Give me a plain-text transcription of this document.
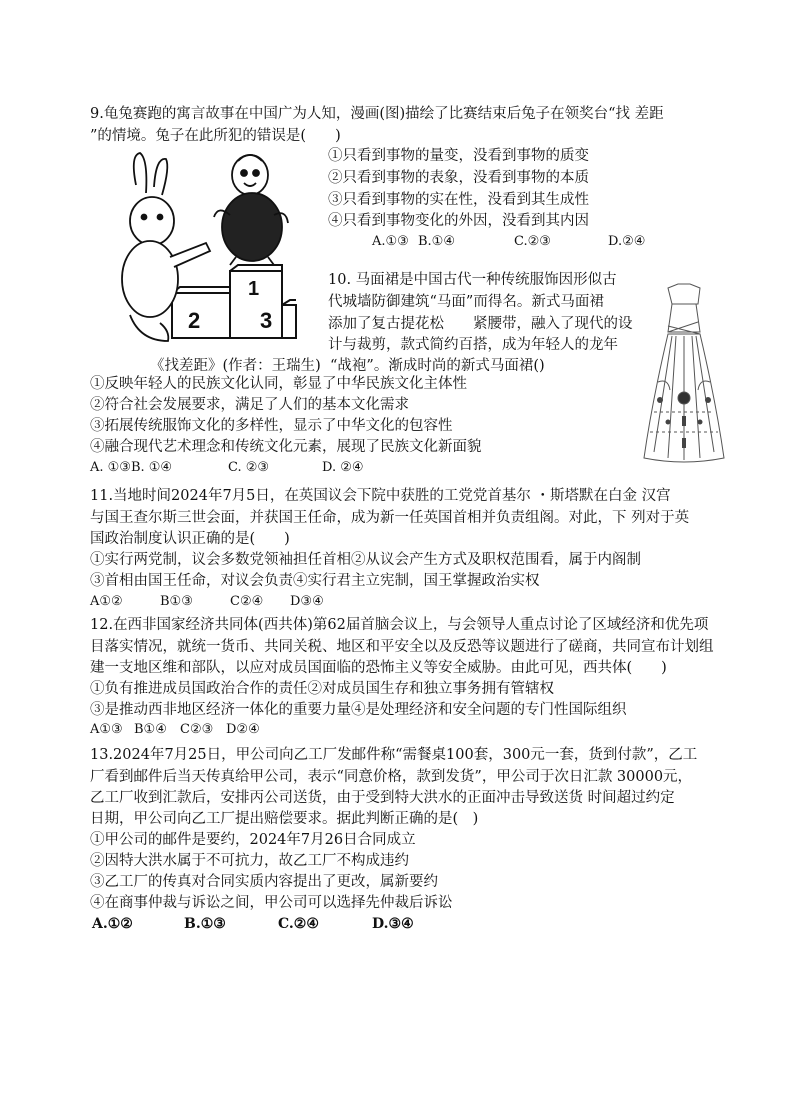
9.龟兔赛跑的寓言故事在中国广为人知，漫画(图)描绘了比赛结束后兔子在领奖台“找 差距
”的情境。兔子在此所犯的错误是(　　)
1
2	3
①只看到事物的量变，没看到事物的质变
②只看到事物的表象，没看到事物的本质
③只看到事物的实在性，没看到其生成性
④只看到事物变化的外因，没看到其内因
A.①③ B.①④	C.②③	D.②④
10. 马面裙是中国古代一种传统服饰因形似古
代城墙防御建筑“马面”而得名。新式马面裙
添加了复古提花松　　紧腰带，融入了现代的设
计与裁剪，款式简约百搭，成为年轻人的龙年
《找差距》(作者：王瑞生) “战袍”。渐成时尚的新式马面裙()
①反映年轻人的民族文化认同，彰显了中华民族文化主体性
②符合社会发展要求，满足了人们的基本文化需求
③拓展传统服饰文化的多样性，显示了中华文化的包容性
④融合现代艺术理念和传统文化元素，展现了民族文化新面貌
A. ①③B. ①④	C. ②③	D. ②④
11.当地时间2024年7月5日，在英国议会下院中获胜的工党党首基尔 ・斯塔默在白金 汉宫
与国王查尔斯三世会面，并获国王任命，成为新一任英国首相并负责组阁。对此，下 列对于英
国政治制度认识正确的是(　　)
①实行两党制，议会多数党领袖担任首相②从议会产生方式及职权范围看，属于内阁制
③首相由国王任命，对议会负责④实行君主立宪制，国王掌握政治实权
A①②	B①③	C②④ D③④
12.在西非国家经济共同体(西共体)第62届首脑会议上，与会领导人重点讨论了区域经济和优先项
目落实情况，就统一货币、共同关税、地区和平安全以及反恐等议题进行了磋商，共同宣布计划组
建一支地区维和部队，以应对成员国面临的恐怖主义等安全威胁。由此可见，西共体(　　)
①负有推进成员国政治合作的责任②对成员国生存和独立事务拥有管辖权
③是推动西非地区经济一体化的重要力量④是处理经济和安全问题的专门性国际组织
A①③ B①④ C②③ D②④
13.2024年7月25日，甲公司向乙工厂发邮件称“需餐桌100套，300元一套，货到付款”，乙工
厂看到邮件后当天传真给甲公司，表示“同意价格，款到发货”，甲公司于次日汇款 30000元，
乙工厂收到汇款后，安排丙公司送货，由于受到特大洪水的正面冲击导致送货 时间超过约定
日期，甲公司向乙工厂提出赔偿要求。据此判断正确的是(　)
①甲公司的邮件是要约，2024年7月26日合同成立
②因特大洪水属于不可抗力，故乙工厂不构成违约
③乙工厂的传真对合同实质内容提出了更改，属新要约
④在商事仲裁与诉讼之间，甲公司可以选择先仲裁后诉讼
A.①②	B.①③	C.②④	D.③④
